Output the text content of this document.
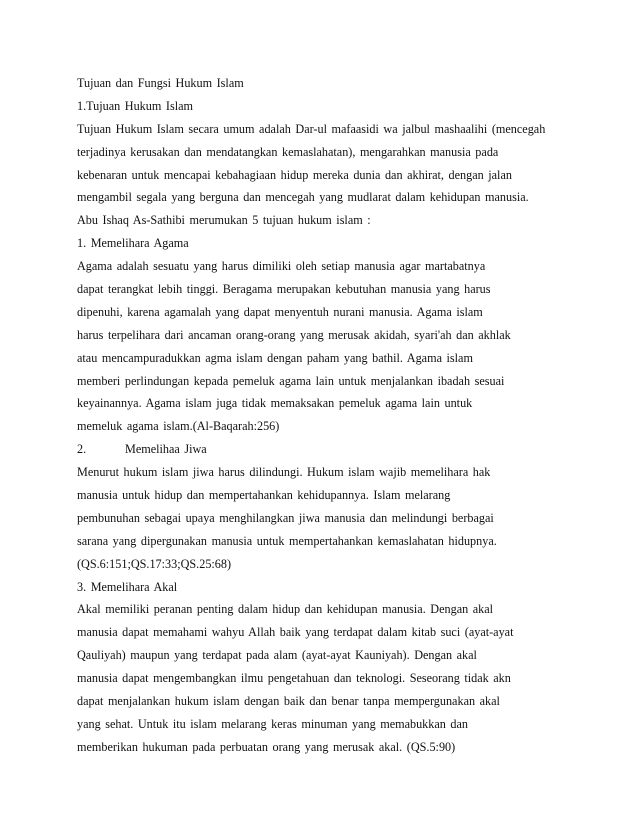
Tujuan dan Fungsi Hukum Islam
1.Tujuan Hukum Islam
Tujuan Hukum Islam secara umum adalah Dar-ul mafaasidi wa jalbul mashaalihi (mencegah
terjadinya kerusakan dan mendatangkan kemaslahatan), mengarahkan manusia pada
kebenaran untuk mencapai kebahagiaan hidup mereka dunia dan akhirat, dengan jalan
mengambil segala yang berguna dan mencegah yang mudlarat dalam kehidupan manusia.
Abu Ishaq As-Sathibi merumukan 5 tujuan hukum islam :
1. Memelihara Agama
Agama adalah sesuatu yang harus dimiliki oleh setiap manusia agar martabatnya
dapat terangkat lebih tinggi. Beragama merupakan kebutuhan manusia yang harus
dipenuhi, karena agamalah yang dapat menyentuh nurani manusia. Agama islam
harus terpelihara dari ancaman orang-orang yang merusak akidah, syari'ah dan akhlak
atau mencampuradukkan agma islam dengan paham yang bathil. Agama islam
memberi perlindungan kepada pemeluk agama lain untuk menjalankan ibadah sesuai
keyainannya. Agama islam juga tidak memaksakan pemeluk agama lain untuk
memeluk agama islam.(Al-Baqarah:256)
2.	Memelihaa Jiwa
Menurut hukum islam jiwa harus dilindungi. Hukum islam wajib memelihara hak
manusia untuk hidup dan mempertahankan kehidupannya. Islam melarang
pembunuhan sebagai upaya menghilangkan jiwa manusia dan melindungi berbagai
sarana yang dipergunakan manusia untuk mempertahankan kemaslahatan hidupnya.
(QS.6:151;QS.17:33;QS.25:68)
3. Memelihara Akal
Akal memiliki peranan penting dalam hidup dan kehidupan manusia. Dengan akal
manusia dapat memahami wahyu Allah baik yang terdapat dalam kitab suci (ayat-ayat
Qauliyah) maupun yang terdapat pada alam (ayat-ayat Kauniyah). Dengan akal
manusia dapat mengembangkan ilmu pengetahuan dan teknologi. Seseorang tidak akn
dapat menjalankan hukum islam dengan baik dan benar tanpa mempergunakan akal
yang sehat. Untuk itu islam melarang keras minuman yang memabukkan dan
memberikan hukuman pada perbuatan orang yang merusak akal. (QS.5:90)
